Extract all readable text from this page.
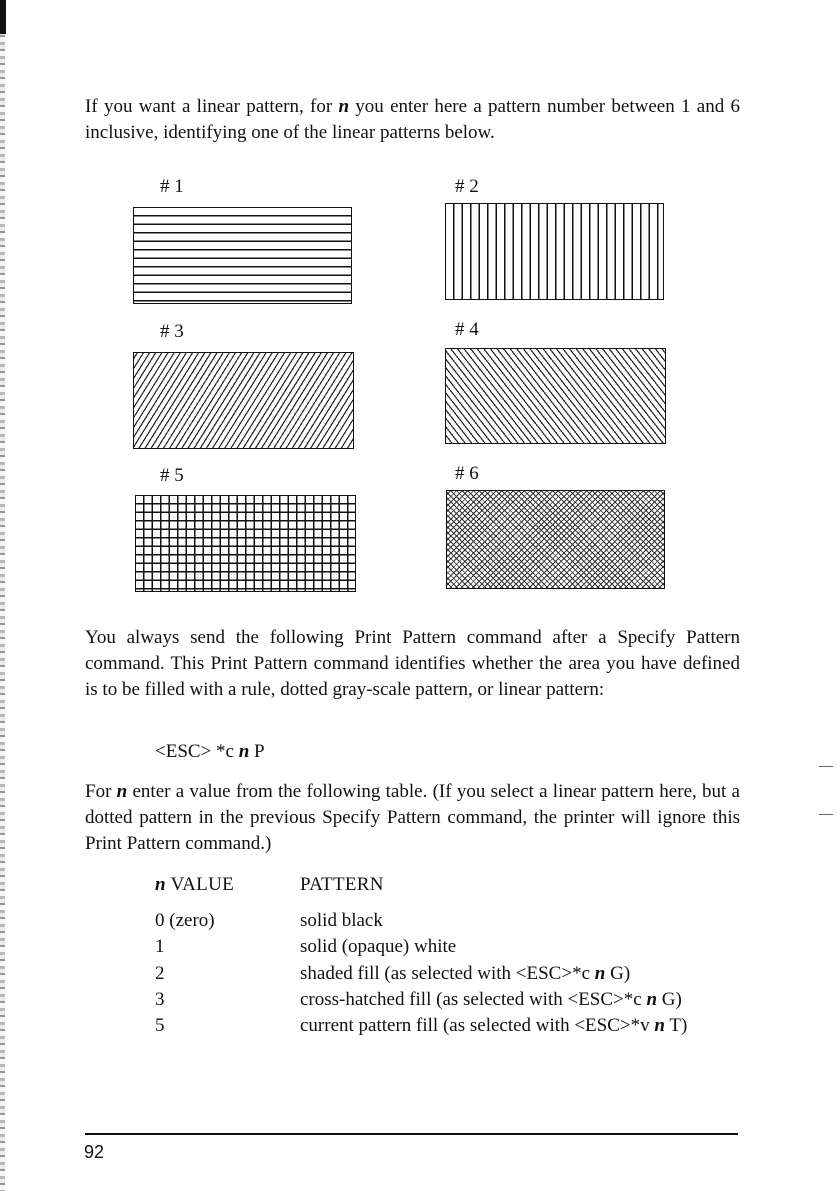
If you want a linear pattern, for n you enter here a pattern number between 1 and 6 inclusive, identifying one of the linear patterns below.

# 1	# 2
# 3	# 4
# 5	# 6

You always send the following Print Pattern command after a Specify Pattern command. This Print Pattern command identifies whether the area you have defined is to be filled with a rule, dotted gray-scale pattern, or linear pattern:

<ESC> *c n P

For n enter a value from the following table. (If you select a linear pattern here, but a dotted pattern in the previous Specify Pattern command, the printer will ignore this Print Pattern command.)

n VALUE	PATTERN
0 (zero)	solid black
1	solid (opaque) white
2	shaded fill (as selected with <ESC>*c n G)
3	cross-hatched fill (as selected with <ESC>*c n G)
5	current pattern fill (as selected with <ESC>*v n T)
92
